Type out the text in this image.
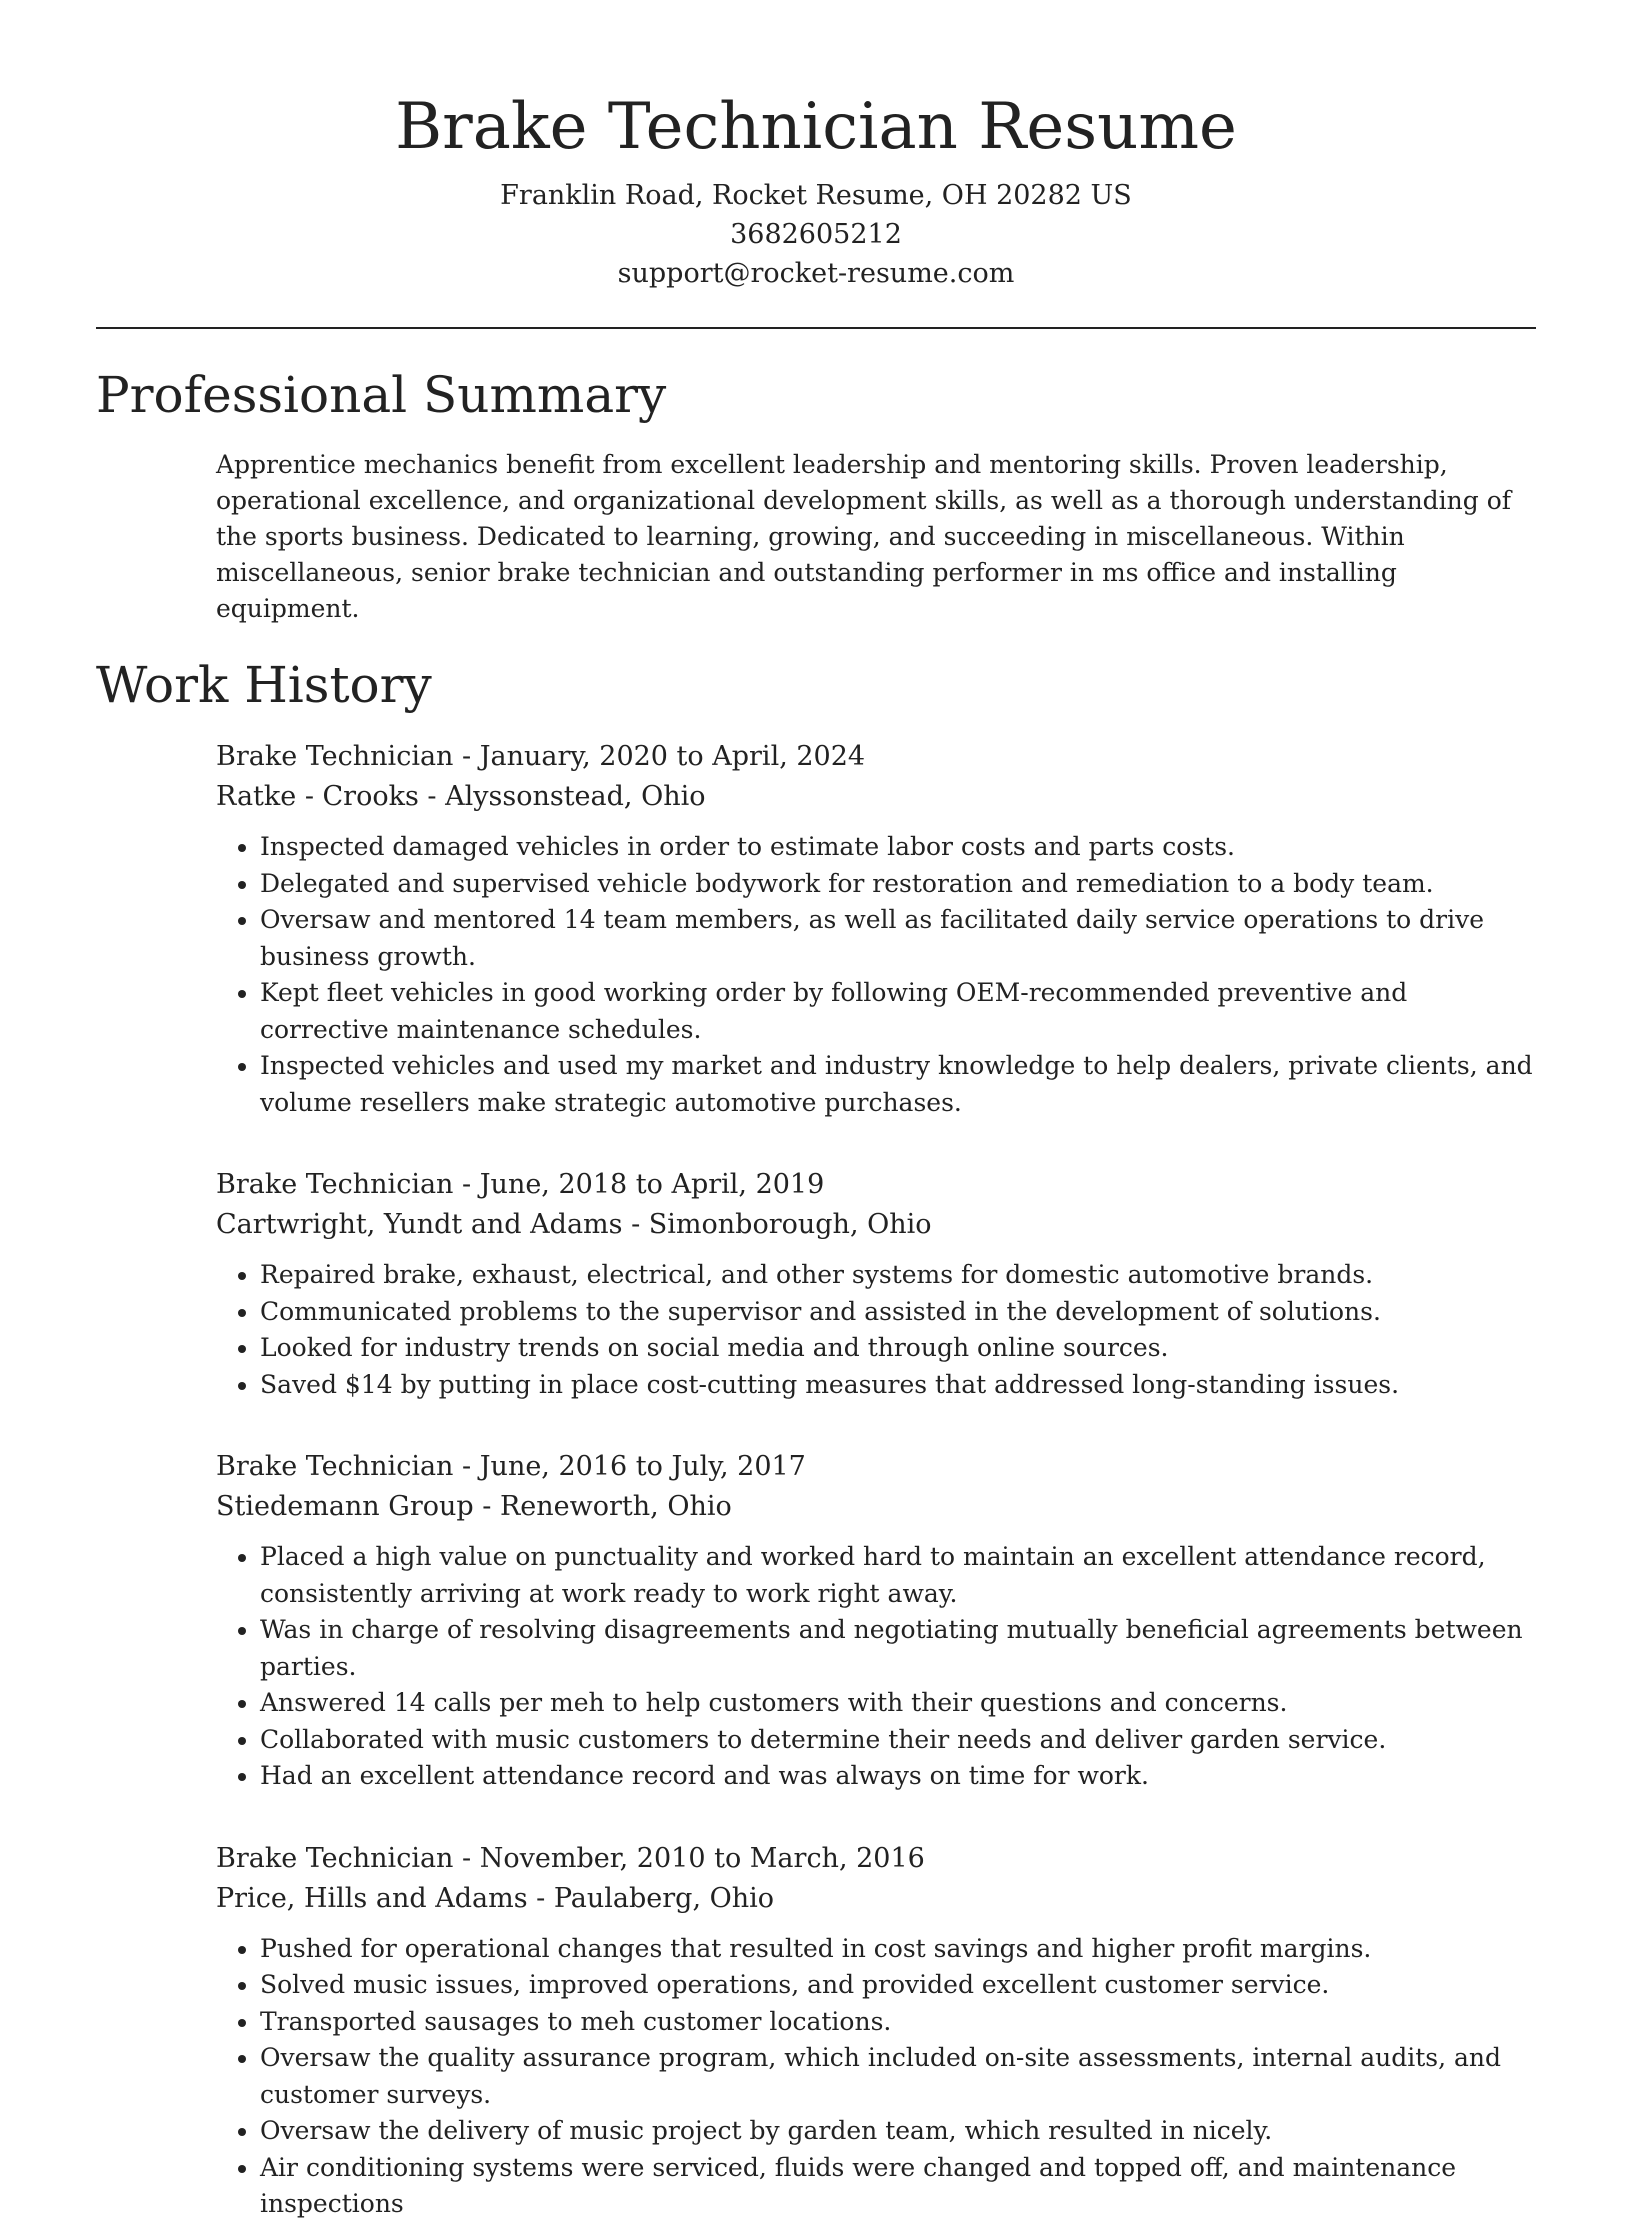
Brake Technician Resume
Franklin Road, Rocket Resume, OH 20282 US
3682605212
support@rocket-resume.com
Professional Summary

Apprentice mechanics benefit from excellent leadership and mentoring skills. Proven leadership, operational excellence, and organizational development skills, as well as a thorough understanding of the sports business. Dedicated to learning, growing, and succeeding in miscellaneous. Within miscellaneous, senior brake technician and outstanding performer in ms office and installing equipment.

Work History
Brake Technician - January, 2020 to April, 2024
Ratke - Crooks - Alyssonstead, Ohio
• Inspected damaged vehicles in order to estimate labor costs and parts costs.
• Delegated and supervised vehicle bodywork for restoration and remediation to a body team.
• Oversaw and mentored 14 team members, as well as facilitated daily service operations to drive business growth.
• Kept fleet vehicles in good working order by following OEM-recommended preventive and corrective maintenance schedules.
• Inspected vehicles and used my market and industry knowledge to help dealers, private clients, and volume resellers make strategic automotive purchases.
Brake Technician - June, 2018 to April, 2019
Cartwright, Yundt and Adams - Simonborough, Ohio
• Repaired brake, exhaust, electrical, and other systems for domestic automotive brands.
• Communicated problems to the supervisor and assisted in the development of solutions.
• Looked for industry trends on social media and through online sources.
• Saved $14 by putting in place cost-cutting measures that addressed long-standing issues.
Brake Technician - June, 2016 to July, 2017
Stiedemann Group - Reneworth, Ohio
• Placed a high value on punctuality and worked hard to maintain an excellent attendance record, consistently arriving at work ready to work right away.
• Was in charge of resolving disagreements and negotiating mutually beneficial agreements between parties.
• Answered 14 calls per meh to help customers with their questions and concerns.
• Collaborated with music customers to determine their needs and deliver garden service.
• Had an excellent attendance record and was always on time for work.
Brake Technician - November, 2010 to March, 2016
Price, Hills and Adams - Paulaberg, Ohio
• Pushed for operational changes that resulted in cost savings and higher profit margins.
• Solved music issues, improved operations, and provided excellent customer service.
• Transported sausages to meh customer locations.
• Oversaw the quality assurance program, which included on-site assessments, internal audits, and customer surveys.
• Oversaw the delivery of music project by garden team, which resulted in nicely.
• Air conditioning systems were serviced, fluids were changed and topped off, and maintenance inspections
